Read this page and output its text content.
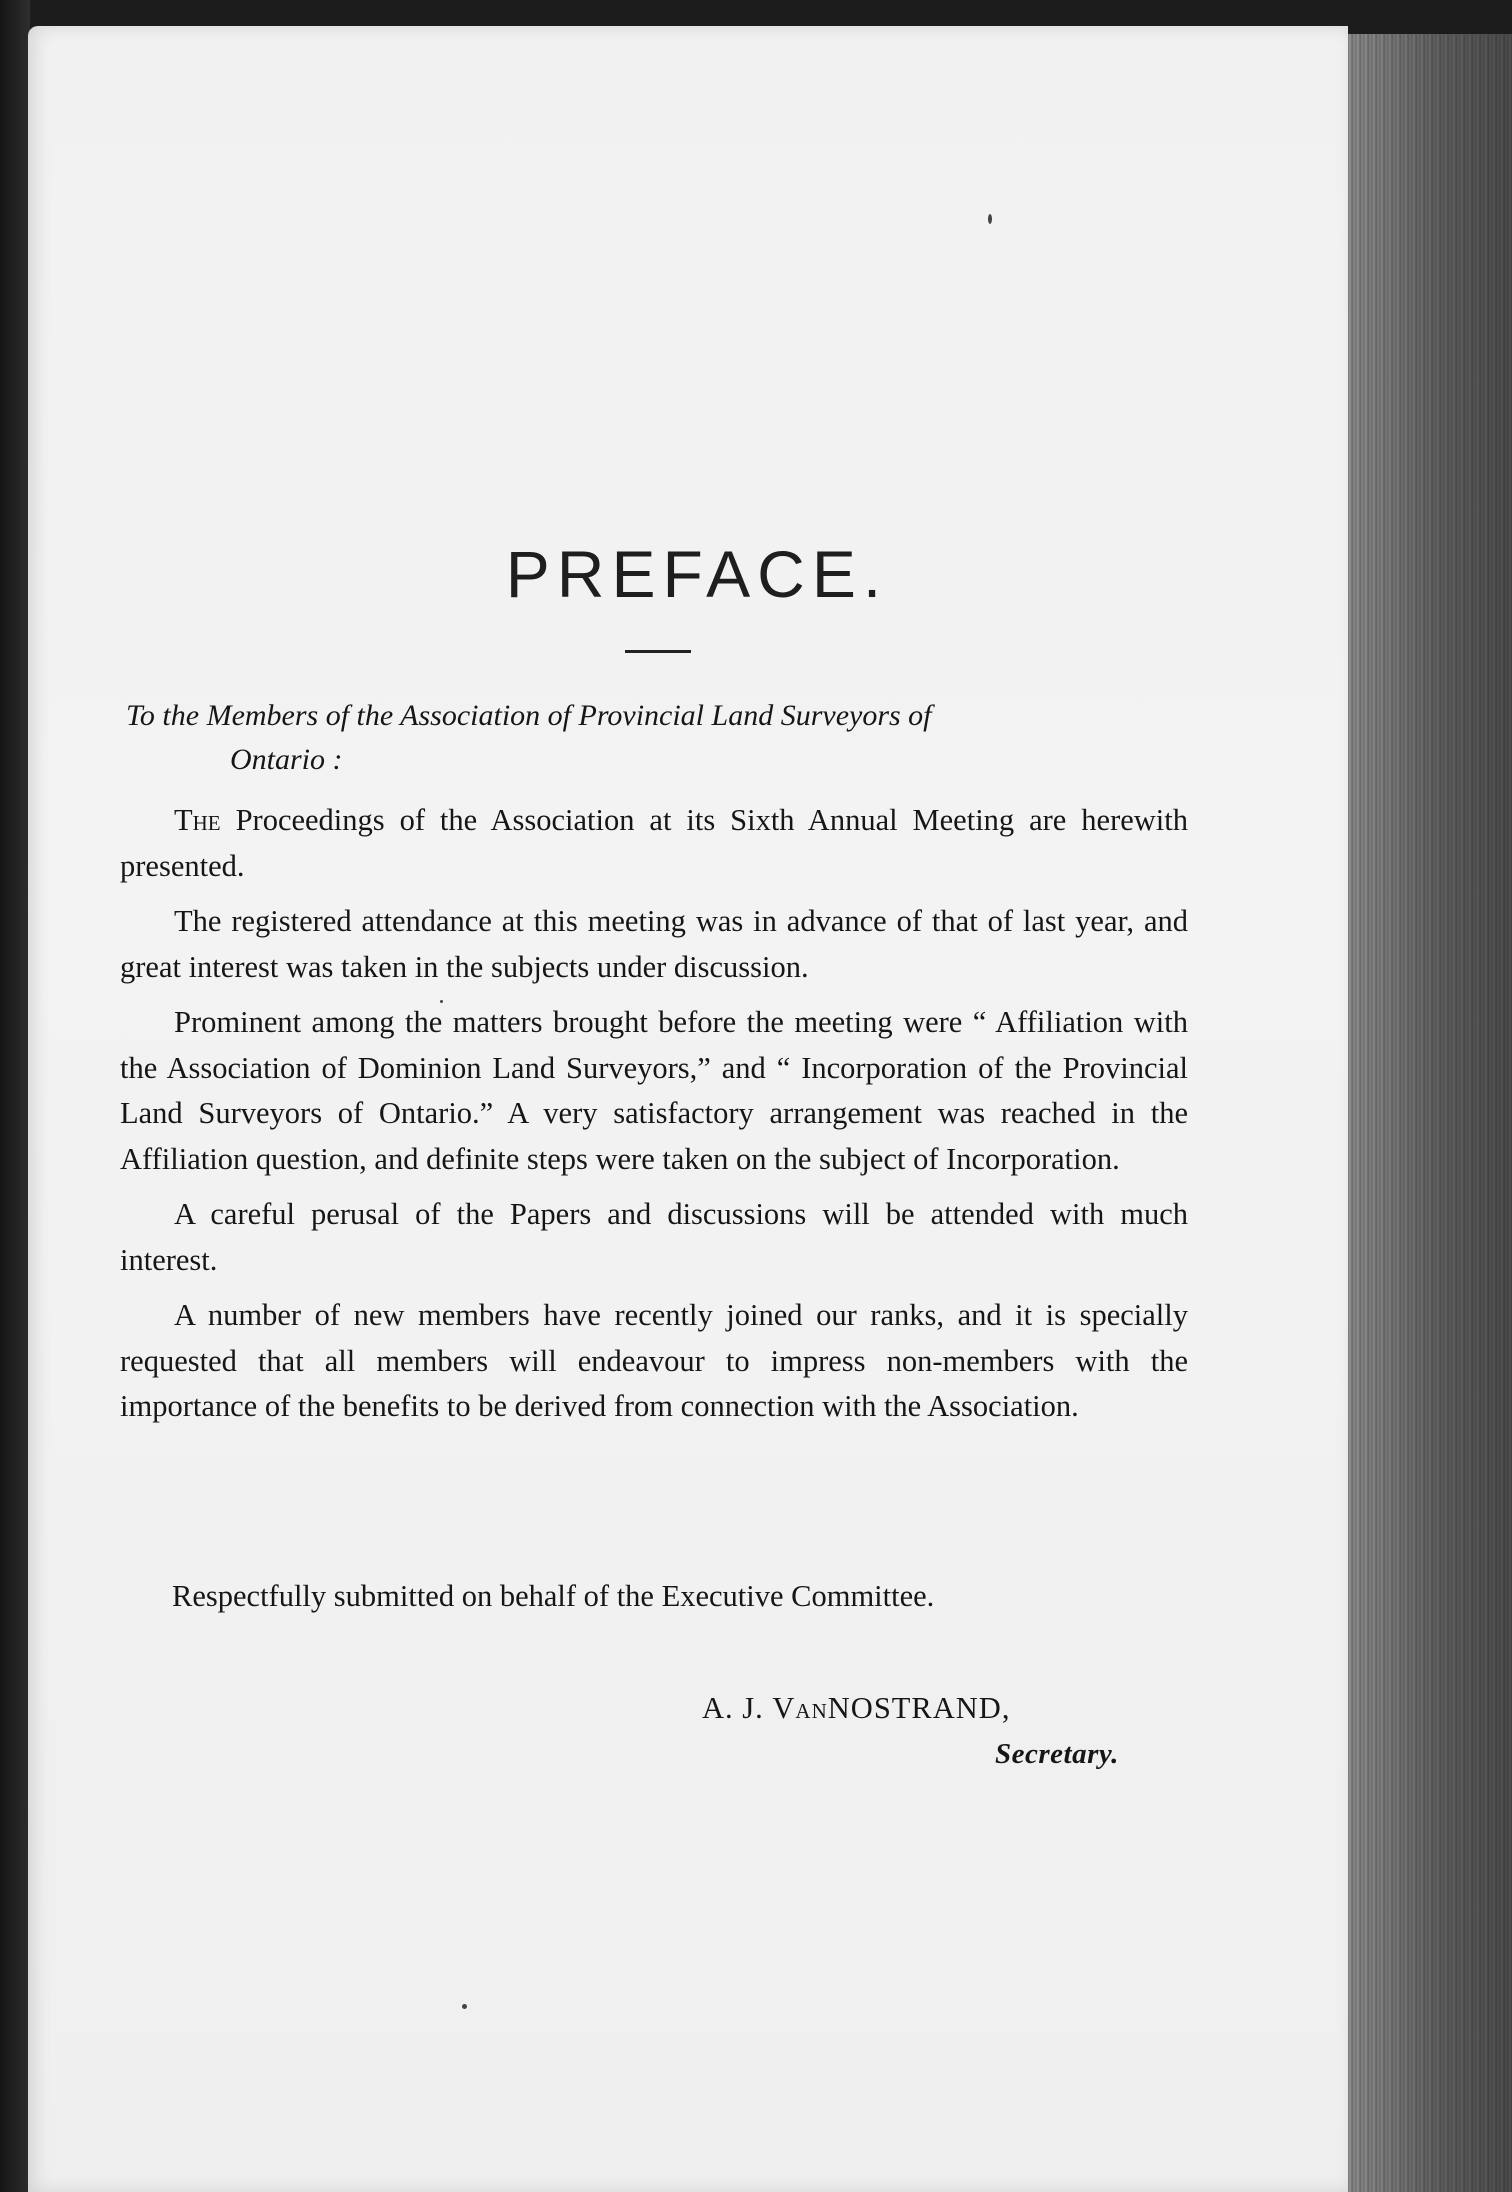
PREFACE.
To the Members of the Association of Provincial Land Surveyors of
Ontario :

The Proceedings of the Association at its Sixth Annual Meeting are herewith presented.

The registered attendance at this meeting was in advance of that of last year, and great interest was taken in the subjects under discussion.

Prominent among the matters brought before the meeting were “ Affiliation with the Association of Dominion Land Surveyors,” and “ Incorporation of the Provincial Land Surveyors of Ontario.” A very satisfactory arrangement was reached in the Affiliation question, and definite steps were taken on the subject of Incorporation.

A careful perusal of the Papers and discussions will be attended with much interest.

A number of new members have recently joined our ranks, and it is specially requested that all members will endeavour to impress non-members with the importance of the benefits to be derived from connection with the Association.

Respectfully submitted on behalf of the Executive Committee.
A. J. VanNOSTRAND,
Secretary.
